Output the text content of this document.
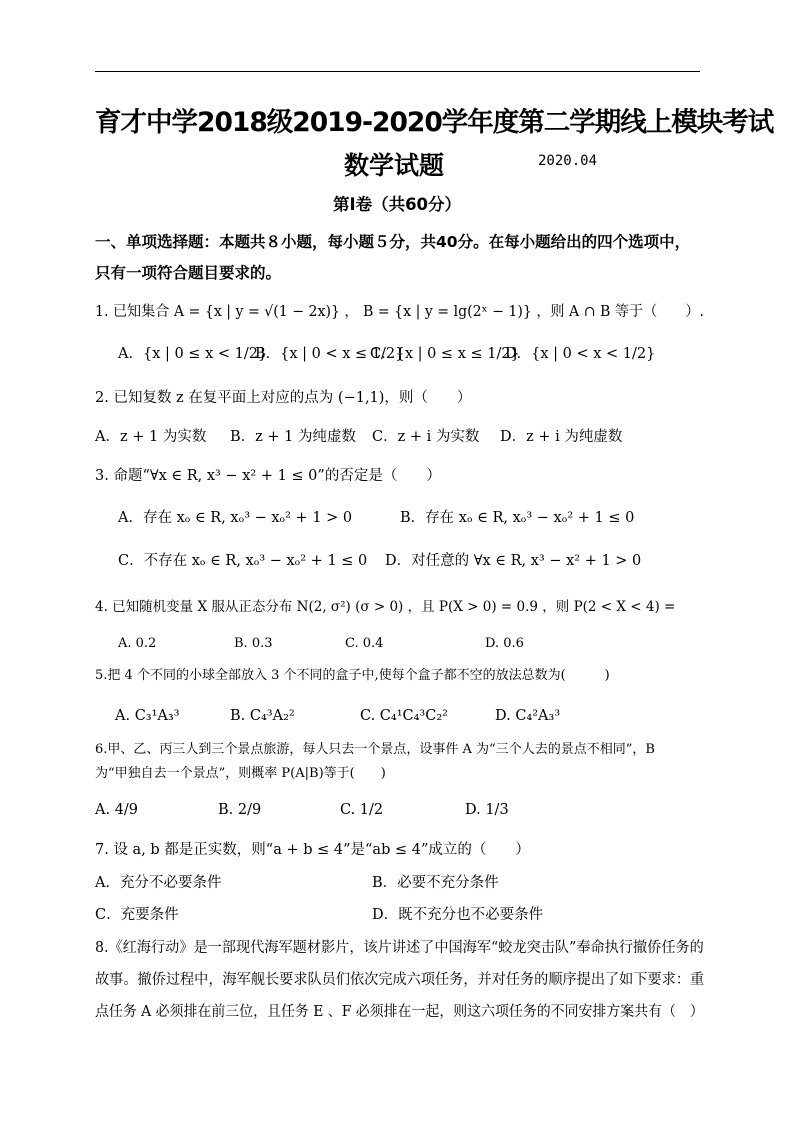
育才中学2018级2019-2020学年度第二学期线上模块考试
数学试题	2020.04
第Ⅰ卷（共60分）
一、单项选择题：本题共８小题，每小题５分，共40分。在每小题给出的四个选项中，
只有一项符合题目要求的。
1. 已知集合 A = {x | y = √(1 − 2x)} ， B = {x | y = lg(2ˣ − 1)} ，则 A ∩ B 等于（　　）.
A．{x | 0 ≤ x < 1/2}
B．{x | 0 < x ≤ 1/2}
C．{x | 0 ≤ x ≤ 1/2}
D．{x | 0 < x < 1/2}
2. 已知复数 z 在复平面上对应的点为 (−1,1)，则（　　）
A．z + 1 为实数 B．z + 1 为纯虚数 C．z + i 为实数 D．z + i 为纯虚数
3. 命题“∀x ∈ R, x³ − x² + 1 ≤ 0”的否定是（　　）
A．存在 xₒ ∈ R, xₒ³ − xₒ² + 1 > 0	B．存在 xₒ ∈ R, xₒ³ − xₒ² + 1 ≤ 0
C．不存在 xₒ ∈ R, xₒ³ − xₒ² + 1 ≤ 0 D．对任意的 ∀x ∈ R, x³ − x² + 1 > 0
4. 已知随机变量 X 服从正态分布 N(2, σ²) (σ > 0) ，且 P(X > 0) = 0.9 ，则 P(2 < X < 4) =
A. 0.2	B. 0.3	C. 0.4	D. 0.6
5.把 4 个不同的小球全部放入 3 个不同的盒子中,使每个盒子都不空的放法总数为(　　　)
A. C₃¹A₃³	B. C₄³A₂²	C. C₄¹C₄³C₂²	D. C₄²A₃³
6.甲、乙、丙三人到三个景点旅游，每人只去一个景点，设事件 A 为“三个人去的景点不相同”，B
为“甲独自去一个景点”，则概率 P(A|B)等于(　　)
A. 4/9	B. 2/9	C. 1/2	D. 1/3
7. 设 a, b 都是正实数，则“a + b ≤ 4”是“ab ≤ 4”成立的（　　）
A．充分不必要条件	B．必要不充分条件
C．充要条件	D．既不充分也不必要条件
8.《红海行动》是一部现代海军题材影片，该片讲述了中国海军“蛟龙突击队”奉命执行撤侨任务的
故事。撤侨过程中，海军舰长要求队员们依次完成六项任务，并对任务的顺序提出了如下要求：重
点任务 A 必须排在前三位，且任务 E 、F 必须排在一起，则这六项任务的不同安排方案共有（　）
